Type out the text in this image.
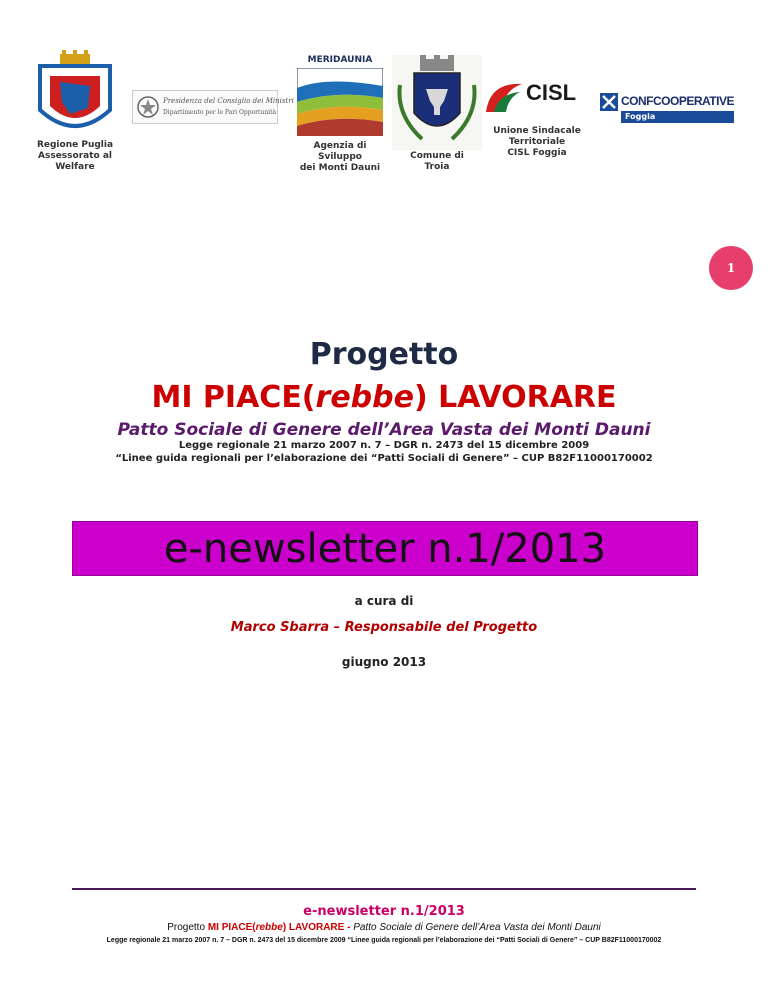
Regione Puglia
Assessorato al
Welfare
Presidenza del Consiglio dei Ministri
Dipartimento per le Pari Opportunità
MERIDAUNIA
Agenzia di Sviluppo
dei Monti Dauni
Comune di
Troia
CISL
Unione Sindacale
Territoriale
CISL Foggia
CONFCOOPERATIVE
Foggia
1
Progetto
MI PIACE(rebbe) LAVORARE
Patto Sociale di Genere dell’Area Vasta dei Monti Dauni
Legge regionale 21 marzo 2007 n. 7 – DGR n. 2473 del 15 dicembre 2009
“Linee guida regionali per l’elaborazione dei “Patti Sociali di Genere” – CUP B82F11000170002
e-newsletter n.1/2013
a cura di
Marco Sbarra – Responsabile del Progetto
giugno 2013
e-newsletter n.1/2013
Progetto MI PIACE(rebbe) LAVORARE - Patto Sociale di Genere dell’Area Vasta dei Monti Dauni
Legge regionale 21 marzo 2007 n. 7 – DGR n. 2473 del 15 dicembre 2009 “Linee guida regionali per l’elaborazione dei “Patti Sociali di Genere” – CUP B82F11000170002
